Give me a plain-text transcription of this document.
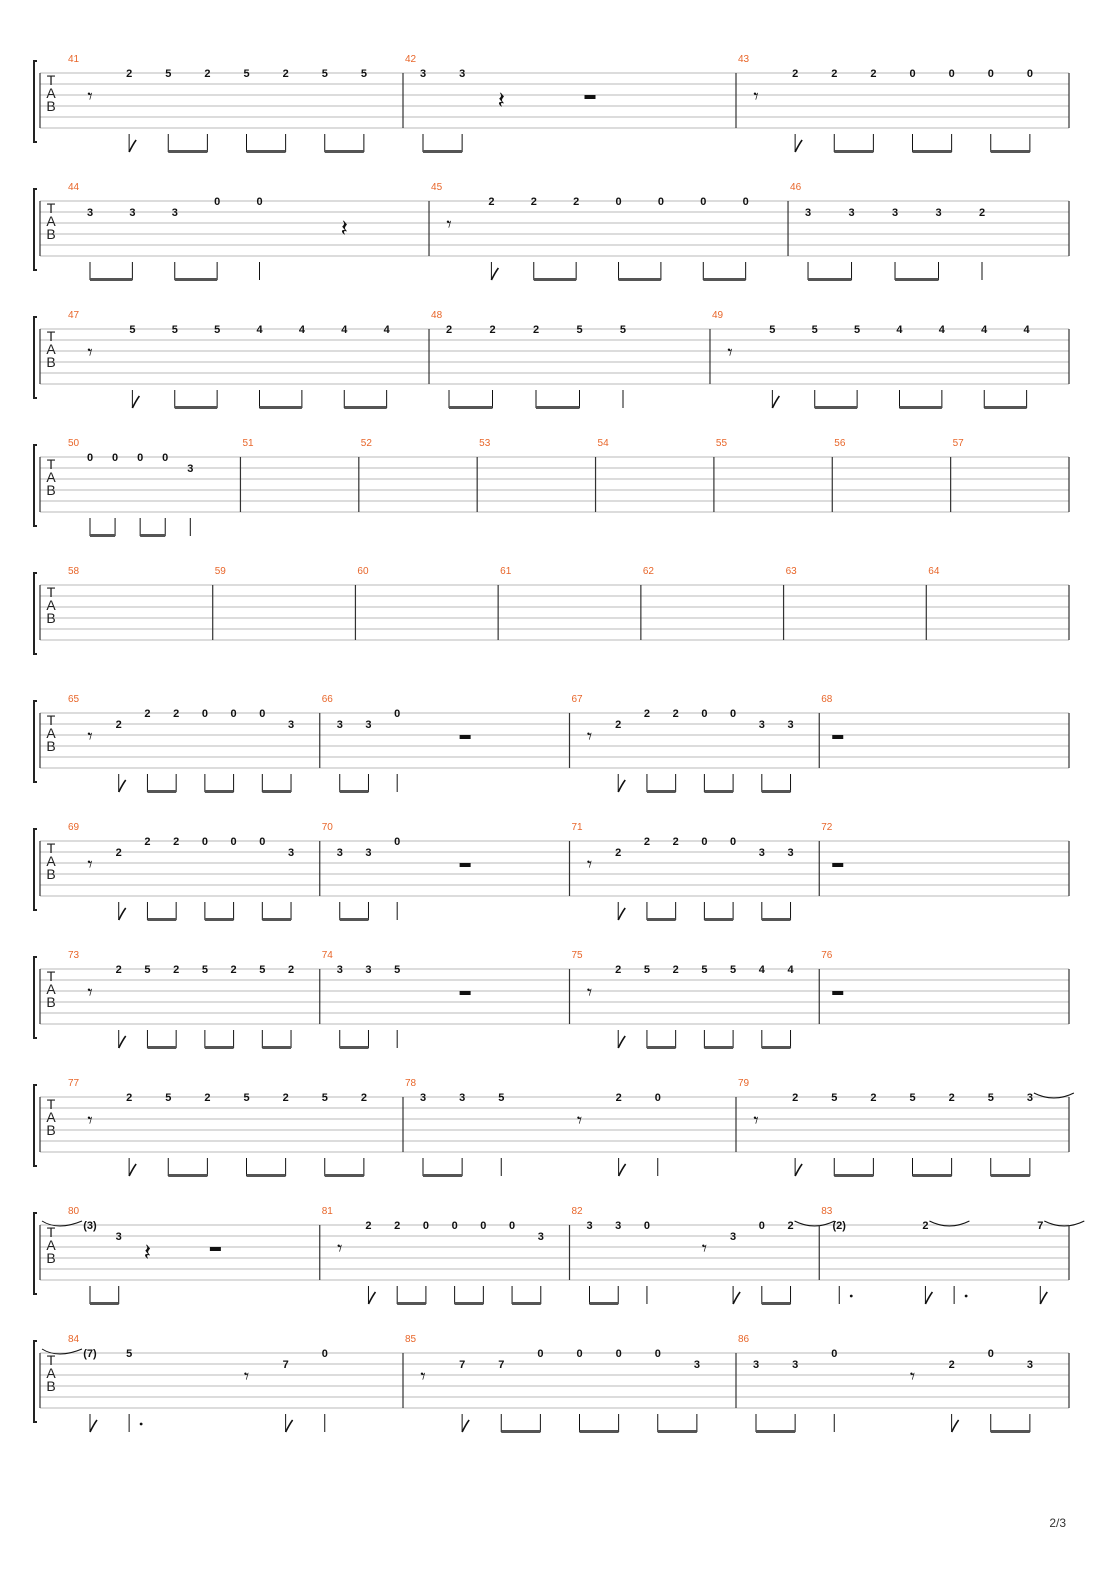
T
A
B
41
𝄾
2	5	2	5	2	5	5
42
3	3
𝄽
43
𝄾
2	2	2	0	0	0	0
T
A
B
44
3	3	3
0	0
𝄽
45
𝄾
2	2	2	0	0	0	0
46
3	3	3	3	2
T
A
B
47
𝄾
5	5	5	4	4	4	4
48
2	2	2	5	5
49
𝄾
5	5	5	4	4	4	4
T
A
B
50
0 0 0 0
3
51	52	53	54	55	56	57
T
A
B
58	59	60	61	62	63	64
T
A
B
65
𝄾 2
2 2 0 0 0
3
66
3 3
0
67
𝄾 2
2 2 0 0
3 3
68
T
A
B
69
𝄾 2
2 2 0 0 0
3
70
3 3
0
71
𝄾 2
2 2 0 0
3 3
72
T
A
B
73
𝄾
2 5 2 5 2 5 2
74
3 3 5
75
𝄾
2 5 2 5 5 4 4
76
T
A
B
77
𝄾
2	5	2	5	2	5	2
78
3	3	5
𝄾
2	0
79
𝄾
2	5	2	5	2	5	3
T
A
B
80
(3)
3
𝄽
81
𝄾
2 2 0 0 0 0
3
82
3 3 0
𝄾 3
0 2
83
(2)	2	7
T
A
B
84
(7)	5
𝄾	7
0
85
𝄾	7	7
0	0	0	0
3
86
3	3
0
𝄾	2
0
3
2/3
